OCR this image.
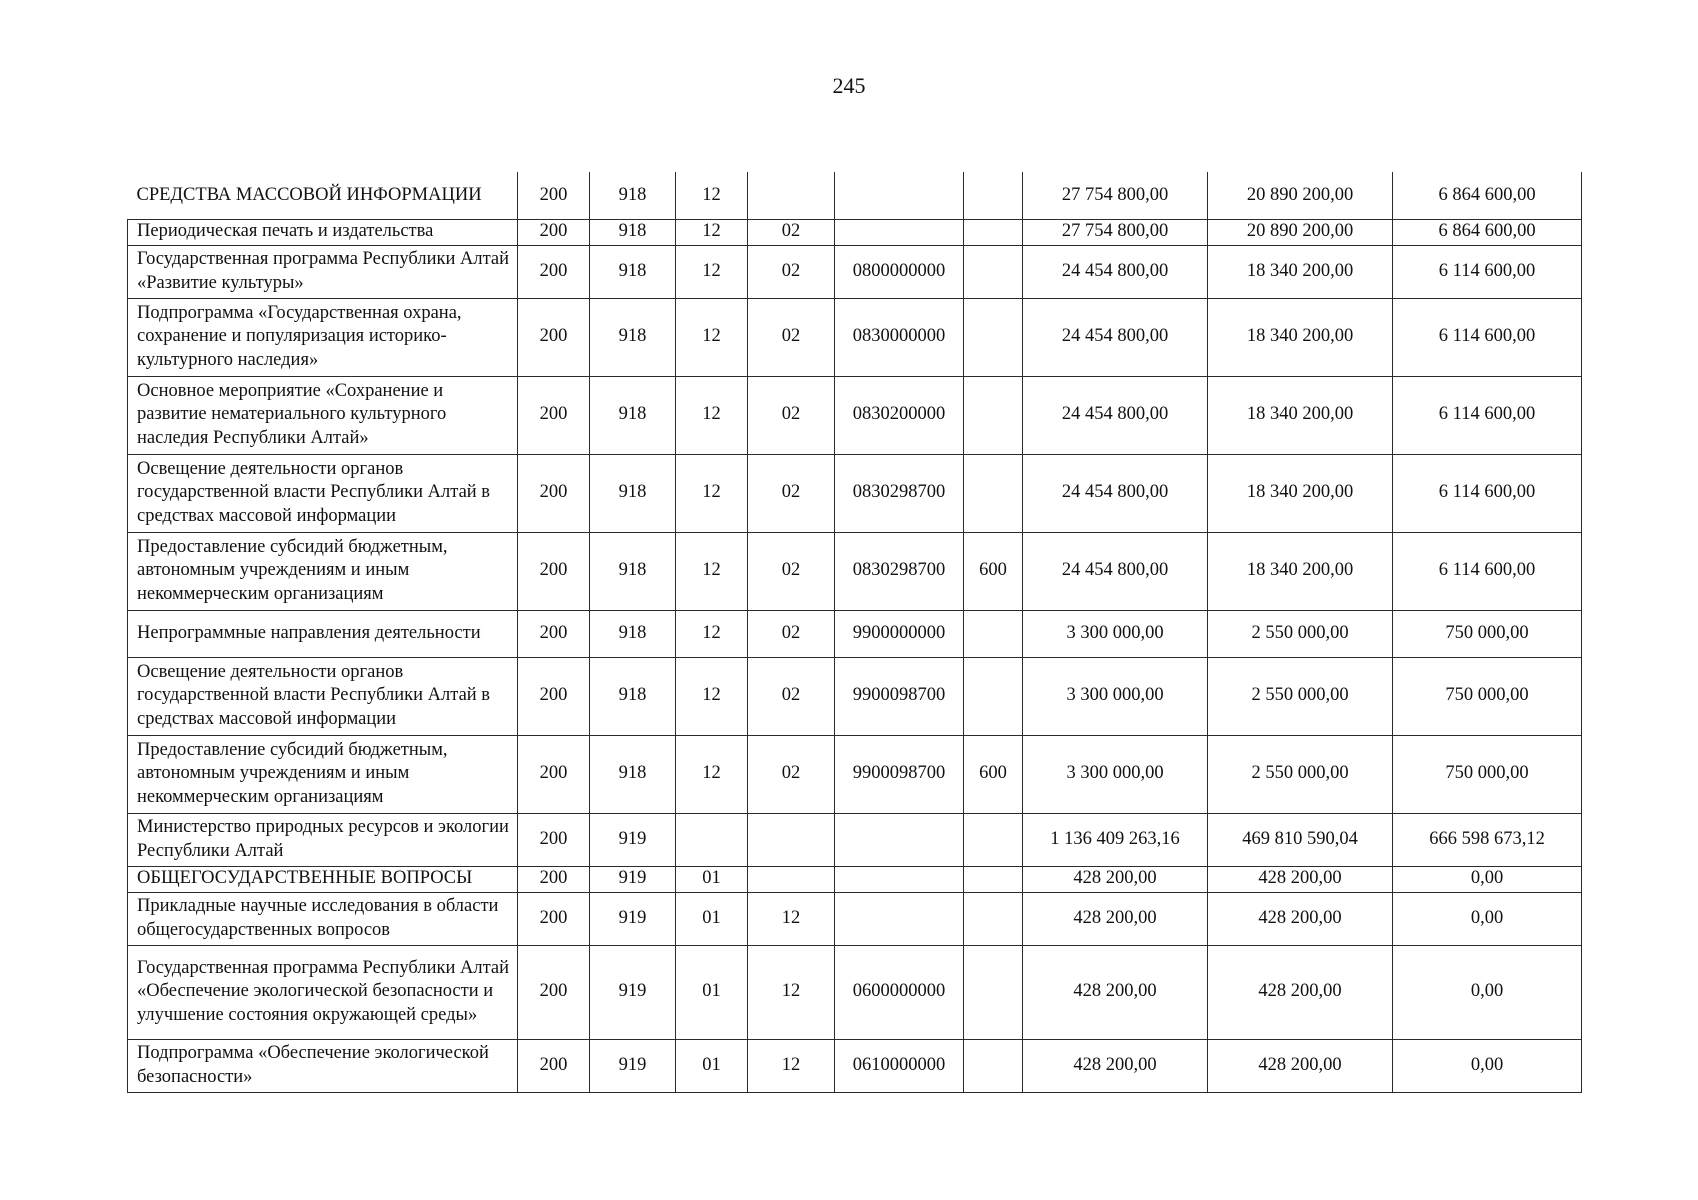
245
СРЕДСТВА МАССОВОЙ ИНФОРМАЦИИ	200	918	12				27 754 800,00	20 890 200,00	6 864 600,00
Периодическая печать и издательства	200	918	12	02			27 754 800,00	20 890 200,00	6 864 600,00
Государственная программа Республики Алтай «Развитие культуры»	200	918	12	02	0800000000		24 454 800,00	18 340 200,00	6 114 600,00
Подпрограмма «Государственная охрана, сохранение и популяризация историко-культурного наследия»	200	918	12	02	0830000000		24 454 800,00	18 340 200,00	6 114 600,00
Основное мероприятие «Сохранение и развитие нематериального культурного наследия Республики Алтай»	200	918	12	02	0830200000		24 454 800,00	18 340 200,00	6 114 600,00
Освещение деятельности органов государственной власти Республики Алтай в средствах массовой информации	200	918	12	02	0830298700		24 454 800,00	18 340 200,00	6 114 600,00
Предоставление субсидий бюджетным, автономным учреждениям и иным некоммерческим организациям	200	918	12	02	0830298700	600	24 454 800,00	18 340 200,00	6 114 600,00
Непрограммные направления деятельности	200	918	12	02	9900000000		3 300 000,00	2 550 000,00	750 000,00
Освещение деятельности органов государственной власти Республики Алтай в средствах массовой информации	200	918	12	02	9900098700		3 300 000,00	2 550 000,00	750 000,00
Предоставление субсидий бюджетным, автономным учреждениям и иным некоммерческим организациям	200	918	12	02	9900098700	600	3 300 000,00	2 550 000,00	750 000,00
Министерство природных ресурсов и экологии Республики Алтай	200	919					1 136 409 263,16	469 810 590,04	666 598 673,12
ОБЩЕГОСУДАРСТВЕННЫЕ ВОПРОСЫ	200	919	01				428 200,00	428 200,00	0,00
Прикладные научные исследования в области общегосударственных вопросов	200	919	01	12			428 200,00	428 200,00	0,00
Государственная программа Республики Алтай «Обеспечение экологической безопасности и улучшение состояния окружающей среды»	200	919	01	12	0600000000		428 200,00	428 200,00	0,00
Подпрограмма «Обеспечение экологической безопасности»	200	919	01	12	0610000000		428 200,00	428 200,00	0,00
